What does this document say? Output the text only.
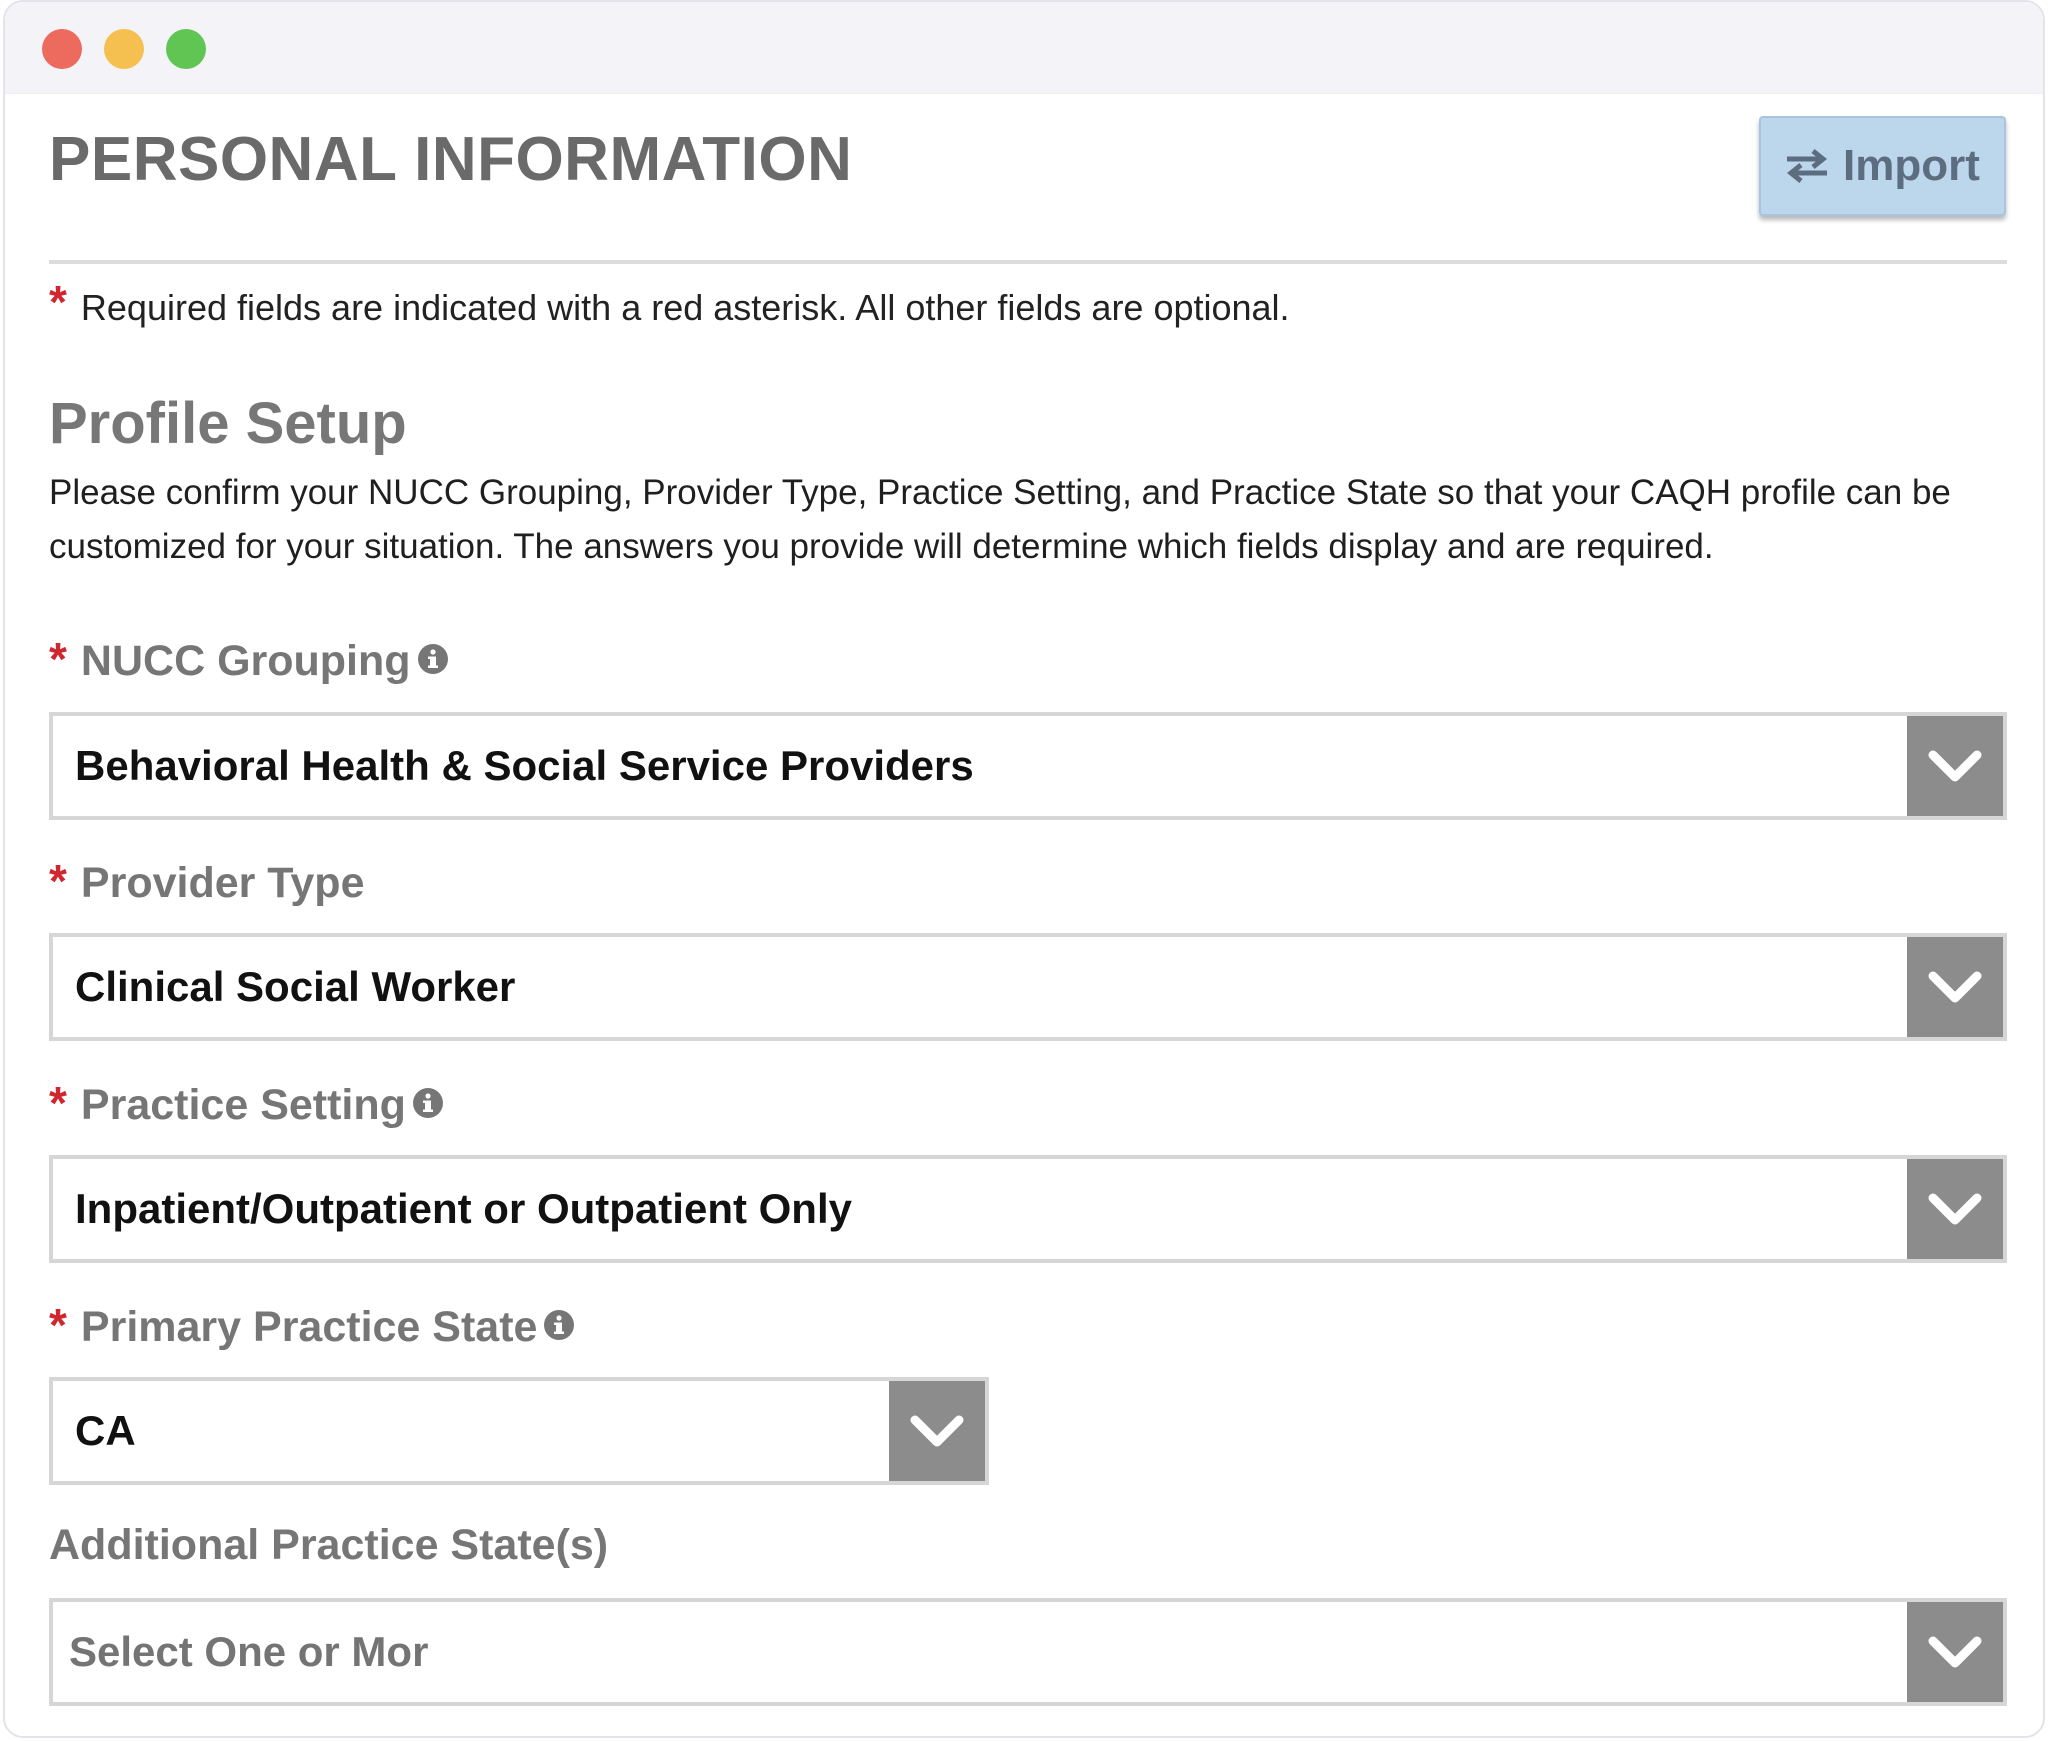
PERSONAL INFORMATION	Import

* Required fields are indicated with a red asterisk. All other fields are optional.

Profile Setup

Please confirm your NUCC Grouping, Provider Type, Practice Setting, and Practice State so that your CAQH profile can be customized for your situation. The answers you provide will determine which fields display and are required.

* NUCC Grouping
Behavioral Health & Social Service Providers
* Provider Type
Clinical Social Worker
* Practice Setting
Inpatient/Outpatient or Outpatient Only
* Primary Practice State
CA
Additional Practice State(s)
Select One or Mor
